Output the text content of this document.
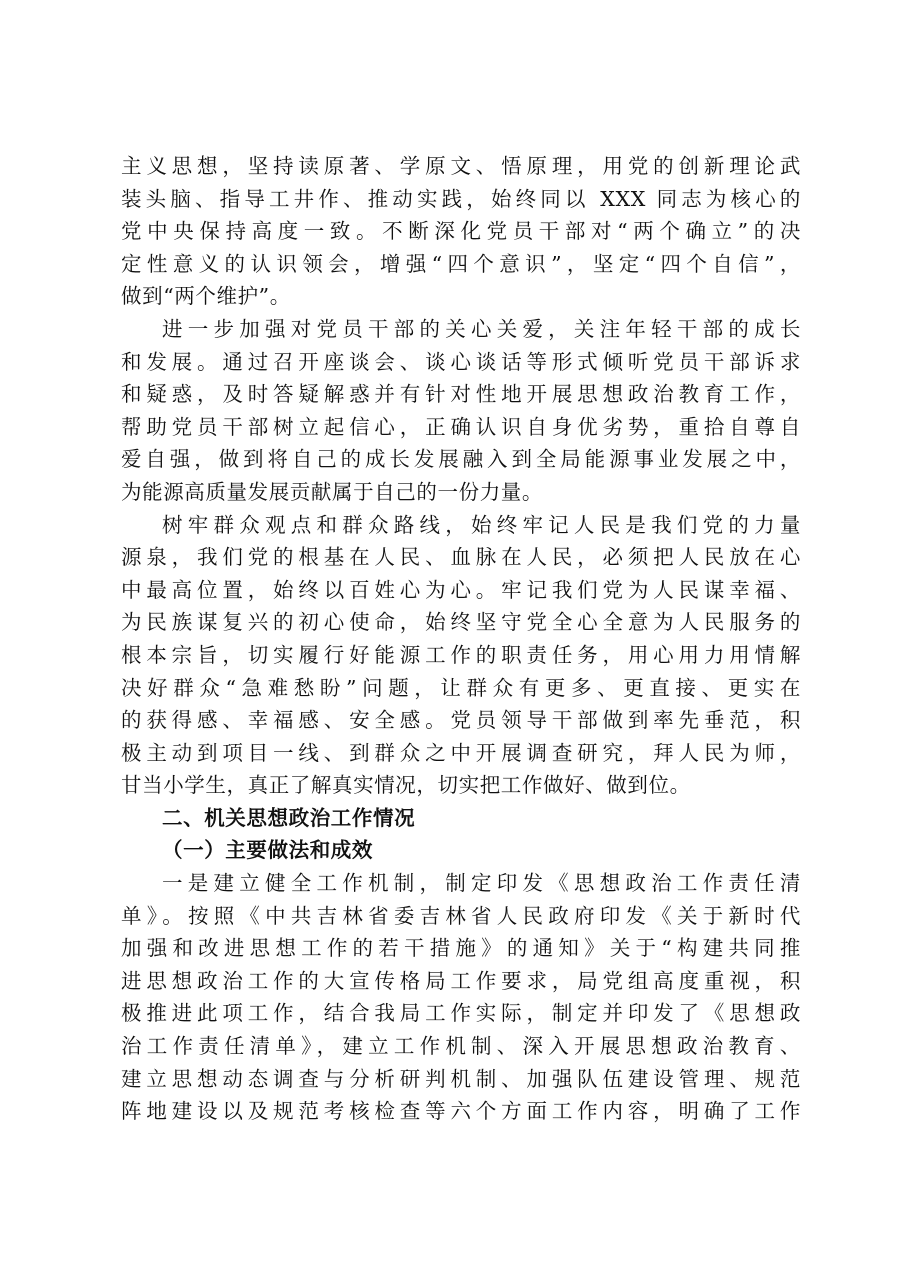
主义思想，坚持读原著、学原文、悟原理，用党的创新理论武
装头脑、指导工井作、推动实践，始终同以 XXX 同志为核心的
党中央保持高度一致。不断深化党员干部对“两个确立”的决
定性意义的认识领会，增强“四个意识”，坚定“四个自信”，
做到“两个维护”。
进一步加强对党员干部的关心关爱，关注年轻干部的成长
和发展。通过召开座谈会、谈心谈话等形式倾听党员干部诉求
和疑惑，及时答疑解惑并有针对性地开展思想政治教育工作，
帮助党员干部树立起信心，正确认识自身优劣势，重拾自尊自
爱自强，做到将自己的成长发展融入到全局能源事业发展之中，
为能源高质量发展贡献属于自己的一份力量。
树牢群众观点和群众路线，始终牢记人民是我们党的力量
源泉，我们党的根基在人民、血脉在人民，必须把人民放在心
中最高位置，始终以百姓心为心。牢记我们党为人民谋幸福、
为民族谋复兴的初心使命，始终坚守党全心全意为人民服务的
根本宗旨，切实履行好能源工作的职责任务，用心用力用情解
决好群众“急难愁盼”问题，让群众有更多、更直接、更实在
的获得感、幸福感、安全感。党员领导干部做到率先垂范，积
极主动到项目一线、到群众之中开展调查研究，拜人民为师，
甘当小学生，真正了解真实情况，切实把工作做好、做到位。
二、机关思想政治工作情况
（一）主要做法和成效
一是建立健全工作机制，制定印发《思想政治工作责任清
单》。按照《中共吉林省委吉林省人民政府印发《关于新时代
加强和改进思想工作的若干措施》的通知》关于“构建共同推
进思想政治工作的大宣传格局工作要求，局党组高度重视，积
极推进此项工作，结合我局工作实际，制定并印发了《思想政
治工作责任清单》，建立工作机制、深入开展思想政治教育、
建立思想动态调查与分析研判机制、加强队伍建设管理、规范
阵地建设以及规范考核检查等六个方面工作内容，明确了工作
